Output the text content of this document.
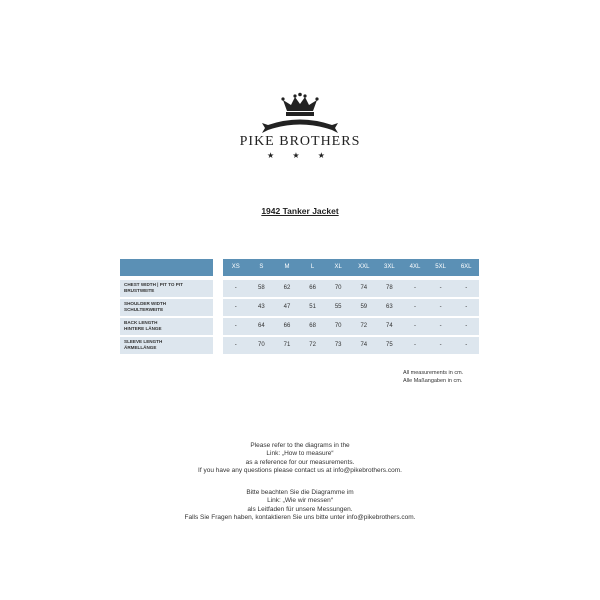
PIKE BROTHERS
★ ★ ★
1942 Tanker Jacket
XS	S	M	L	XL	XXL	3XL	4XL	5XL	6XL
CHEST WIDTH | PIT TO PIT
BRUSTWEITE	-	58	62	66	70	74	78	-	-	-
SHOULDER WIDTH
SCHULTERWEITE	-	43	47	51	55	59	63	-	-	-
BACK LENGTH
HINTERE LÄNGE	-	64	66	68	70	72	74	-	-	-
SLEEVE LENGTH
ÄRMELLÄNGE	-	70	71	72	73	74	75	-	-	-
All measurements in cm.
Alle Maßangaben in cm.
Please refer to the diagrams in the
Link: „How to measure“
as a reference for our measurements.
If you have any questions please contact us at info@pikebrothers.com.
Bitte beachten Sie die Diagramme im
Link: „Wie wir messen“
als Leitfaden für unsere Messungen.
Falls Sie Fragen haben, kontaktieren Sie uns bitte unter info@pikebrothers.com.
